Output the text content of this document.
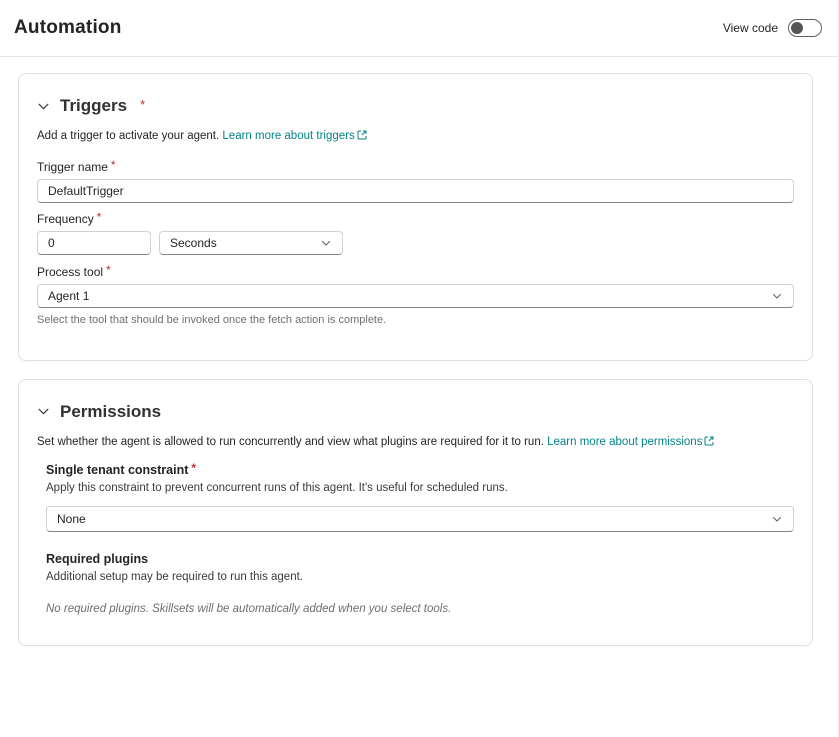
Automation	View code
Triggers *

Add a trigger to activate your agent. Learn more about triggers

Trigger name *
DefaultTrigger
Frequency *
0
Seconds
Process tool *
Agent 1

Select the tool that should be invoked once the fetch action is complete.

Permissions

Set whether the agent is allowed to run concurrently and view what plugins are required for it to run. Learn more about permissions

Single tenant constraint *

Apply this constraint to prevent concurrent runs of this agent. It's useful for scheduled runs.

None
Required plugins

Additional setup may be required to run this agent.

No required plugins. Skillsets will be automatically added when you select tools.
